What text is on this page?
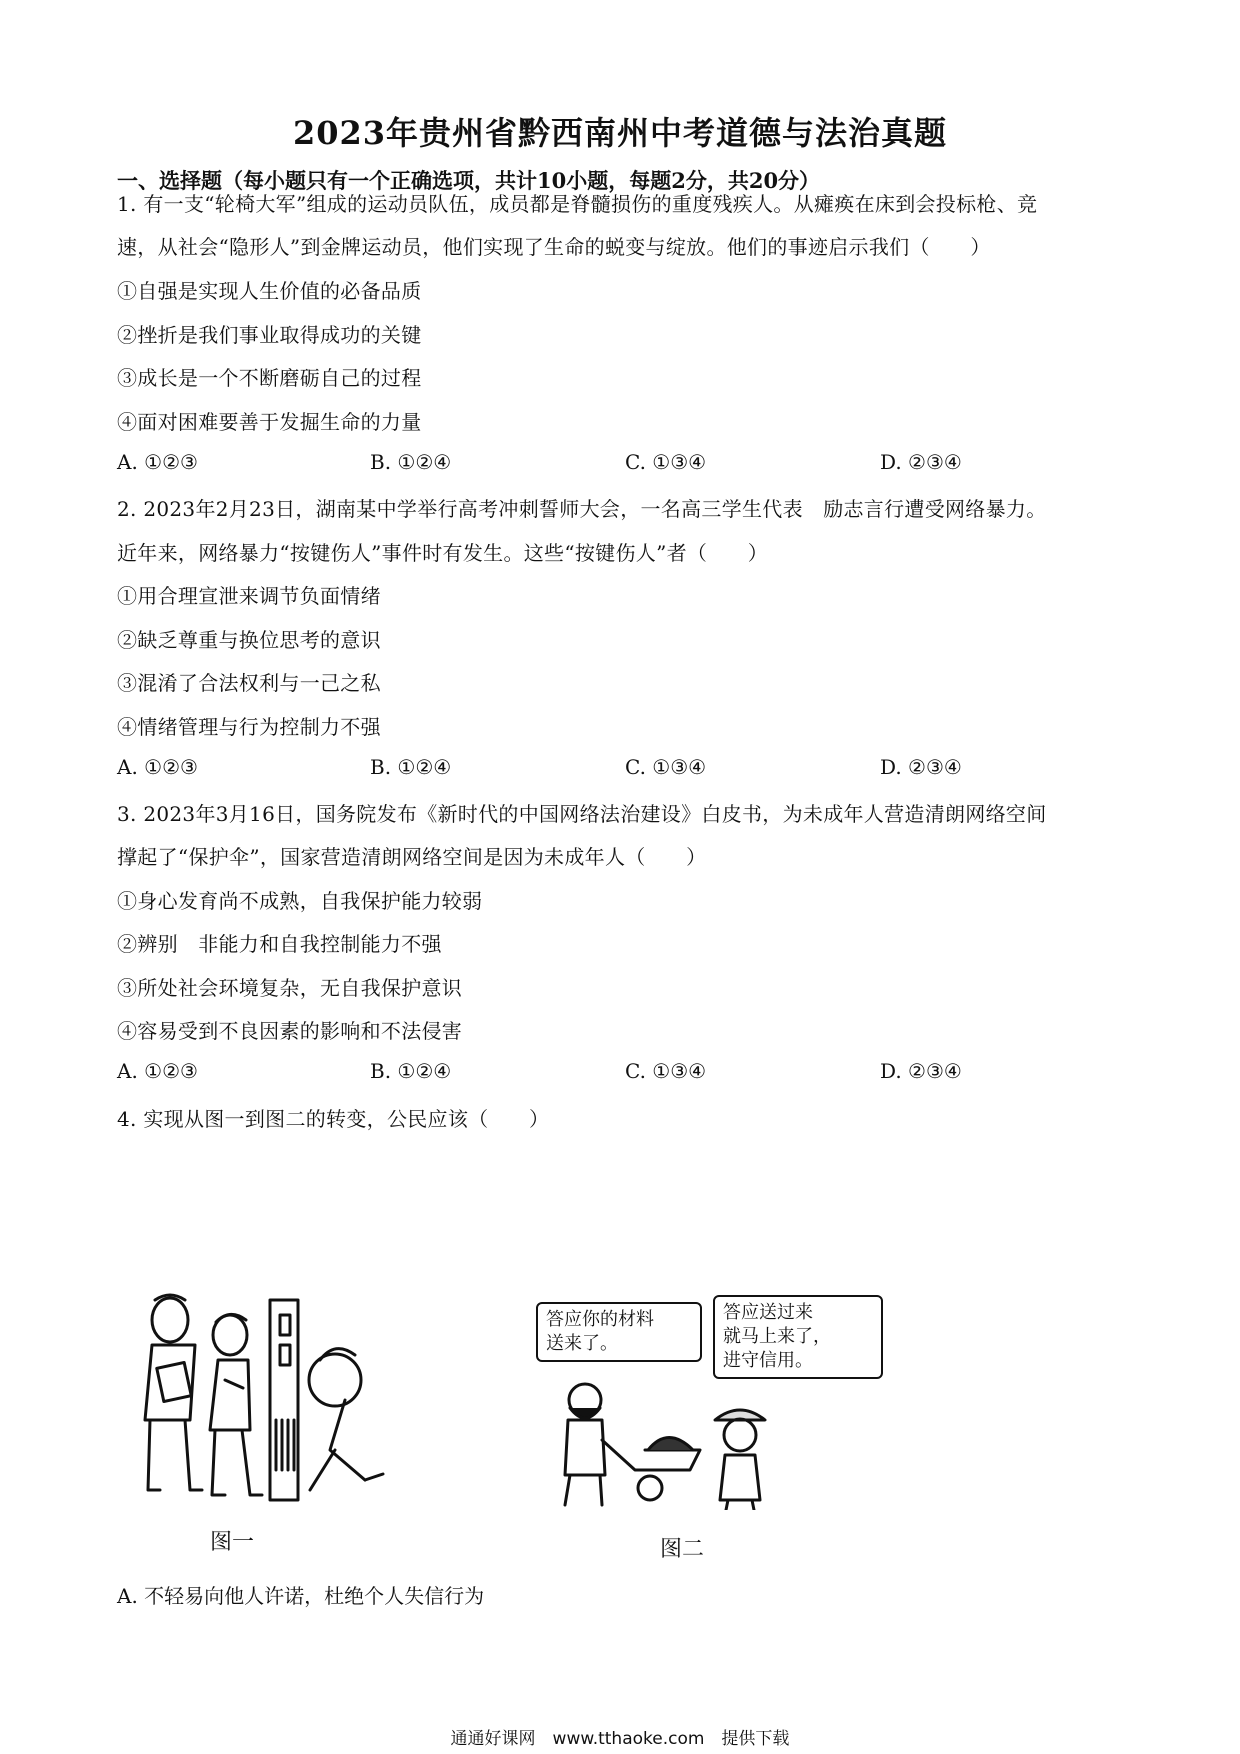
2023年贵州省黔西南州中考道德与法治真题
一、选择题（每小题只有一个正确选项，共计10小题，每题2分，共20分）
1. 有一支“轮椅大军”组成的运动员队伍，成员都是脊髓损伤的重度残疾人。从瘫痪在床到会投标枪、竞
速，从社会“隐形人”到金牌运动员，他们实现了生命的蜕变与绽放。他们的事迹启示我们（　　）
①自强是实现人生价值的必备品质
②挫折是我们事业取得成功的关键
③成长是一个不断磨砺自己的过程
④面对困难要善于发掘生命的力量
A. ①②③	B. ①②④	C. ①③④	D. ②③④
2. 2023年2月23日，湖南某中学举行高考冲刺誓师大会，一名高三学生代表　励志言行遭受网络暴力。
近年来，网络暴力“按键伤人”事件时有发生。这些“按键伤人”者（　　）
①用合理宣泄来调节负面情绪
②缺乏尊重与换位思考的意识
③混淆了合法权利与一己之私
④情绪管理与行为控制力不强
A. ①②③	B. ①②④	C. ①③④	D. ②③④
3. 2023年3月16日，国务院发布《新时代的中国网络法治建设》白皮书，为未成年人营造清朗网络空间
撑起了“保护伞”，国家营造清朗网络空间是因为未成年人（　　）
①身心发育尚不成熟，自我保护能力较弱
②辨别　非能力和自我控制能力不强
③所处社会环境复杂，无自我保护意识
④容易受到不良因素的影响和不法侵害
A. ①②③	B. ①②④	C. ①③④	D. ②③④
4. 实现从图一到图二的转变，公民应该（　　）
图一
答应你的材料
送来了。
答应送过来
就马上来了，
进守信用。
图二
A. 不轻易向他人许诺，杜绝个人失信行为
通通好课网　www.tthaoke.com　提供下载
